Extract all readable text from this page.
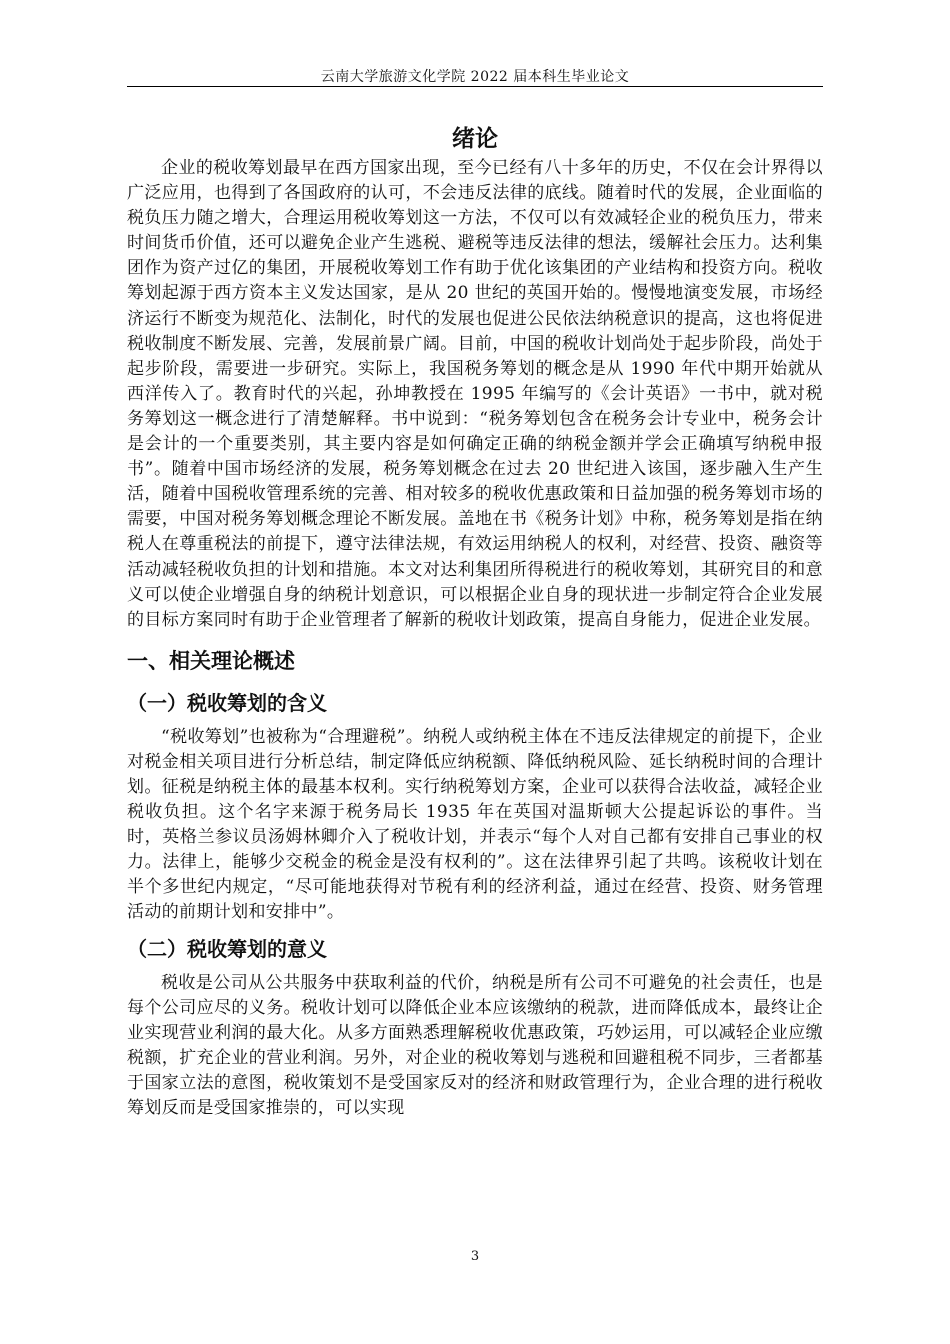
云南大学旅游文化学院 2022 届本科生毕业论文
绪论

企业的税收筹划最早在西方国家出现，至今已经有八十多年的历史，不仅在会计界得以广泛应用，也得到了各国政府的认可，不会违反法律的底线。随着时代的发展，企业面临的税负压力随之增大，合理运用税收筹划这一方法，不仅可以有效减轻企业的税负压力，带来时间货币价值，还可以避免企业产生逃税、避税等违反法律的想法，缓解社会压力。达利集团作为资产过亿的集团，开展税收筹划工作有助于优化该集团的产业结构和投资方向。税收筹划起源于西方资本主义发达国家，是从 20 世纪的英国开始的。慢慢地演变发展，市场经济运行不断变为规范化、法制化，时代的发展也促进公民依法纳税意识的提高，这也将促进税收制度不断发展、完善，发展前景广阔。目前，中国的税收计划尚处于起步阶段，尚处于起步阶段，需要进一步研究。实际上，我国税务筹划的概念是从 1990 年代中期开始就从西洋传入了。教育时代的兴起，孙坤教授在 1995 年编写的《会计英语》一书中，就对税务筹划这一概念进行了清楚解释。书中说到：“税务筹划包含在税务会计专业中，税务会计是会计的一个重要类别，其主要内容是如何确定正确的纳税金额并学会正确填写纳税申报书”。随着中国市场经济的发展，税务筹划概念在过去 20 世纪进入该国，逐步融入生产生活，随着中国税收管理系统的完善、相对较多的税收优惠政策和日益加强的税务筹划市场的需要，中国对税务筹划概念理论不断发展。盖地在书《税务计划》中称，税务筹划是指在纳税人在尊重税法的前提下，遵守法律法规，有效运用纳税人的权利，对经营、投资、融资等活动减轻税收负担的计划和措施。本文对达利集团所得税进行的税收筹划，其研究目的和意义可以使企业增强自身的纳税计划意识，可以根据企业自身的现状进一步制定符合企业发展的目标方案同时有助于企业管理者了解新的税收计划政策，提高自身能力，促进企业发展。

一、相关理论概述
（一）税收筹划的含义

“税收筹划”也被称为“合理避税”。纳税人或纳税主体在不违反法律规定的前提下，企业对税金相关项目进行分析总结，制定降低应纳税额、降低纳税风险、延长纳税时间的合理计划。征税是纳税主体的最基本权利。实行纳税筹划方案，企业可以获得合法收益，减轻企业税收负担。这个名字来源于税务局长 1935 年在英国对温斯顿大公提起诉讼的事件。当时，英格兰参议员汤姆林卿介入了税收计划，并表示“每个人对自己都有安排自己事业的权力。法律上，能够少交税金的税金是没有权利的”。这在法律界引起了共鸣。该税收计划在半个多世纪内规定，“尽可能地获得对节税有利的经济利益，通过在经营、投资、财务管理活动的前期计划和安排中”。

（二）税收筹划的意义

税收是公司从公共服务中获取利益的代价，纳税是所有公司不可避免的社会责任，也是每个公司应尽的义务。税收计划可以降低企业本应该缴纳的税款，进而降低成本，最终让企业实现营业利润的最大化。从多方面熟悉理解税收优惠政策，巧妙运用，可以减轻企业应缴税额，扩充企业的营业利润。另外，对企业的税收筹划与逃税和回避租税不同步，三者都基于国家立法的意图，税收策划不是受国家反对的经济和财政管理行为，企业合理的进行税收筹划反而是受国家推崇的，可以实现

3
